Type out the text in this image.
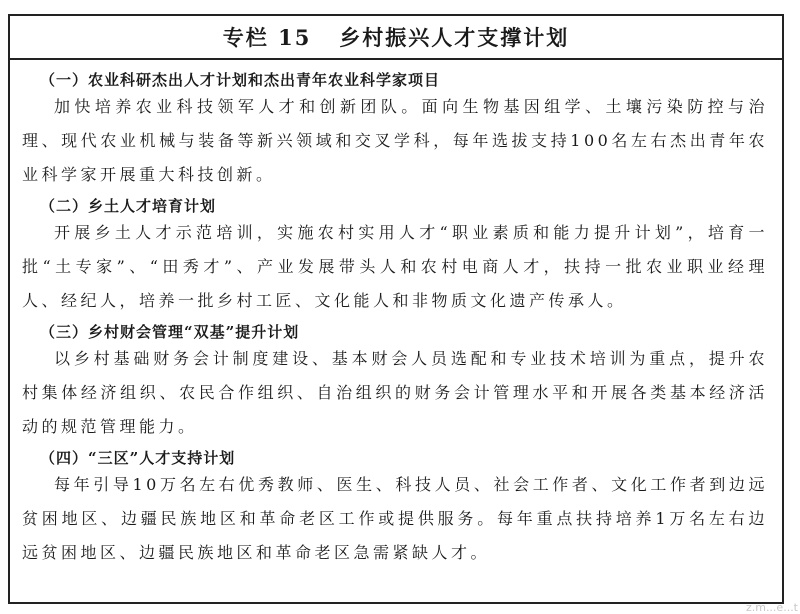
专栏 15   乡村振兴人才支撑计划

（一）农业科研杰出人才计划和杰出青年农业科学家项目

加快培养农业科技领军人才和创新团队。面向生物基因组学、土壤污染防控与治理、现代农业机械与装备等新兴领域和交叉学科，每年选拔支持100名左右杰出青年农业科学家开展重大科技创新。

（二）乡土人才培育计划

开展乡土人才示范培训，实施农村实用人才“职业素质和能力提升计划”，培育一批“土专家”、“田秀才”、产业发展带头人和农村电商人才，扶持一批农业职业经理人、经纪人，培养一批乡村工匠、文化能人和非物质文化遗产传承人。

（三）乡村财会管理“双基”提升计划

以乡村基础财务会计制度建设、基本财会人员选配和专业技术培训为重点，提升农村集体经济组织、农民合作组织、自治组织的财务会计管理水平和开展各类基本经济活动的规范管理能力。

（四）“三区”人才支持计划

每年引导10万名左右优秀教师、医生、科技人员、社会工作者、文化工作者到边远贫困地区、边疆民族地区和革命老区工作或提供服务。每年重点扶持培养1万名左右边远贫困地区、边疆民族地区和革命老区急需紧缺人才。

z.m...e...t
